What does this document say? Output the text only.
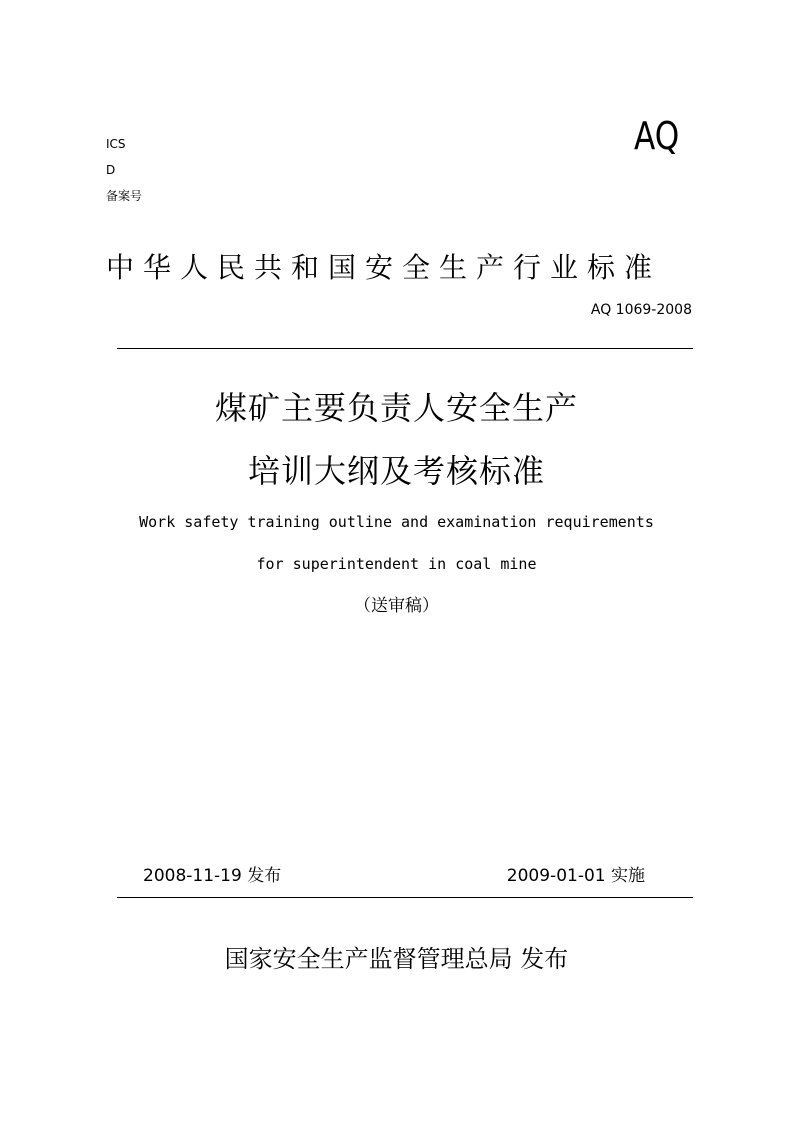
ICS
D
备案号
AQ
中华人民共和国安全生产行业标准
AQ 1069-2008
煤矿主要负责人安全生产
培训大纲及考核标准
Work safety training outline and examination requirements
for superintendent in coal mine
（送审稿）
2008-11-19 发布	2009-01-01 实施
国家安全生产监督管理总局 发布
